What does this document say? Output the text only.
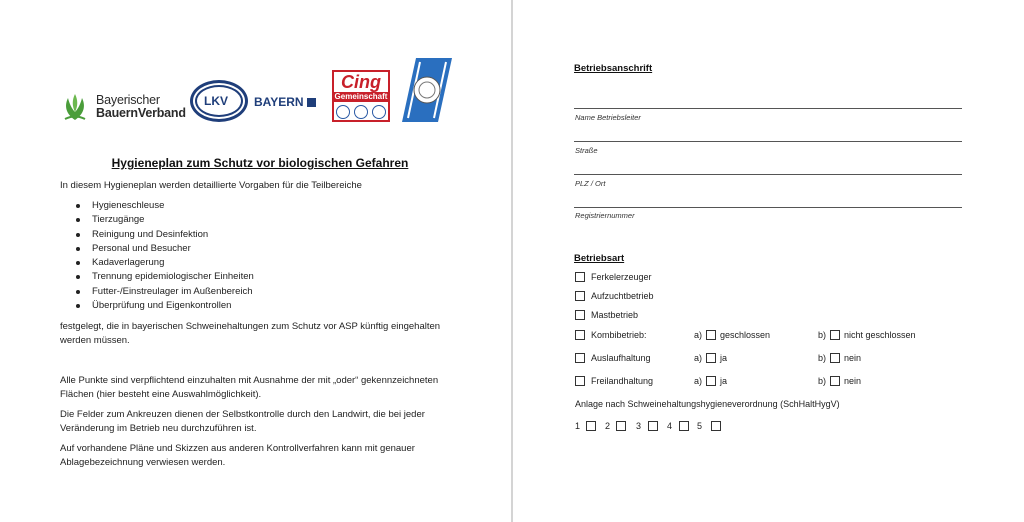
Bayerischer
BauernVerband
LKV BAYERN
Cing
Gemeinschaft
Hygieneplan zum Schutz vor biologischen Gefahren
In diesem Hygieneplan werden detaillierte Vorgaben für die Teilbereiche
Hygieneschleuse
Tierzugänge
Reinigung und Desinfektion
Personal und Besucher
Kadaverlagerung
Trennung epidemiologischer Einheiten
Futter-/Einstreulager im Außenbereich
Überprüfung und Eigenkontrollen
festgelegt, die in bayerischen Schweinehaltungen zum Schutz vor ASP künftig eingehalten werden müssen.
Alle Punkte sind verpflichtend einzuhalten mit Ausnahme der mit „oder“ gekennzeichneten Flächen (hier besteht eine Auswahlmöglichkeit).
Die Felder zum Ankreuzen dienen der Selbstkontrolle durch den Landwirt, die bei jeder Veränderung im Betrieb neu durchzuführen ist.
Auf vorhandene Pläne und Skizzen aus anderen Kontrollverfahren kann mit genauer Ablagebezeichnung verwiesen werden.
Betriebsanschrift
Name Betriebsleiter
Straße
PLZ / Ort
Registriernummer
Betriebsart
Ferkelerzeuger
Aufzuchtbetrieb
Mastbetrieb
Kombibetrieb:	a) geschlossen	b) nicht geschlossen
Auslaufhaltung	a) ja	b) nein
Freilandhaltung	a) ja	b) nein
Anlage nach Schweinehaltungshygieneverordnung (SchHaltHygV)
1	2	3	4	5
